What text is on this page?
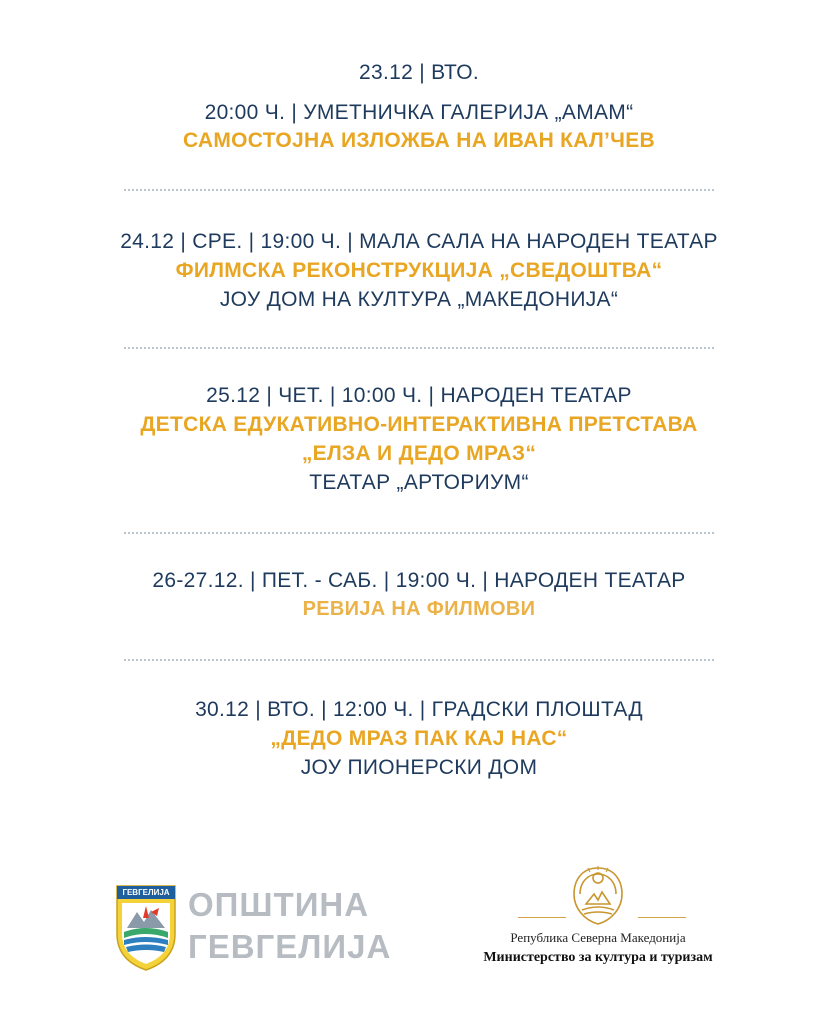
23.12 | ВТО.
20:00 Ч. | УМЕТНИЧКА ГАЛЕРИЈА „АМАМ“
САМОСТОЈНА ИЗЛОЖБА НА ИВАН КАЛ’ЧЕВ
24.12 | СРЕ. | 19:00 Ч. | МАЛА САЛА НА НАРОДЕН ТЕАТАР
ФИЛМСКА РЕКОНСТРУКЦИЈА „СВЕДОШТВА“
ЈОУ ДОМ НА КУЛТУРА „МАКЕДОНИЈА“
25.12 | ЧЕТ. | 10:00 Ч. | НАРОДЕН ТЕАТАР
ДЕТСКА ЕДУКАТИВНО-ИНТЕРАКТИВНА ПРЕТСТАВА
„ЕЛЗА И ДЕДО МРАЗ“
ТЕАТАР „АРТОРИУМ“
26-27.12. | ПЕТ. - САБ. | 19:00 Ч. | НАРОДЕН ТЕАТАР
РЕВИЈА НА ФИЛМОВИ
30.12 | ВТО. | 12:00 Ч. | ГРАДСКИ ПЛОШТАД
„ДЕДО МРАЗ ПАК КАЈ НАС“
ЈОУ ПИОНЕРСКИ ДОМ
ГЕВГЕЛИЈА ОПШТИНА
ГЕВГЕЛИЈА	Република Северна Македонија
Министерство за култура и туризам
